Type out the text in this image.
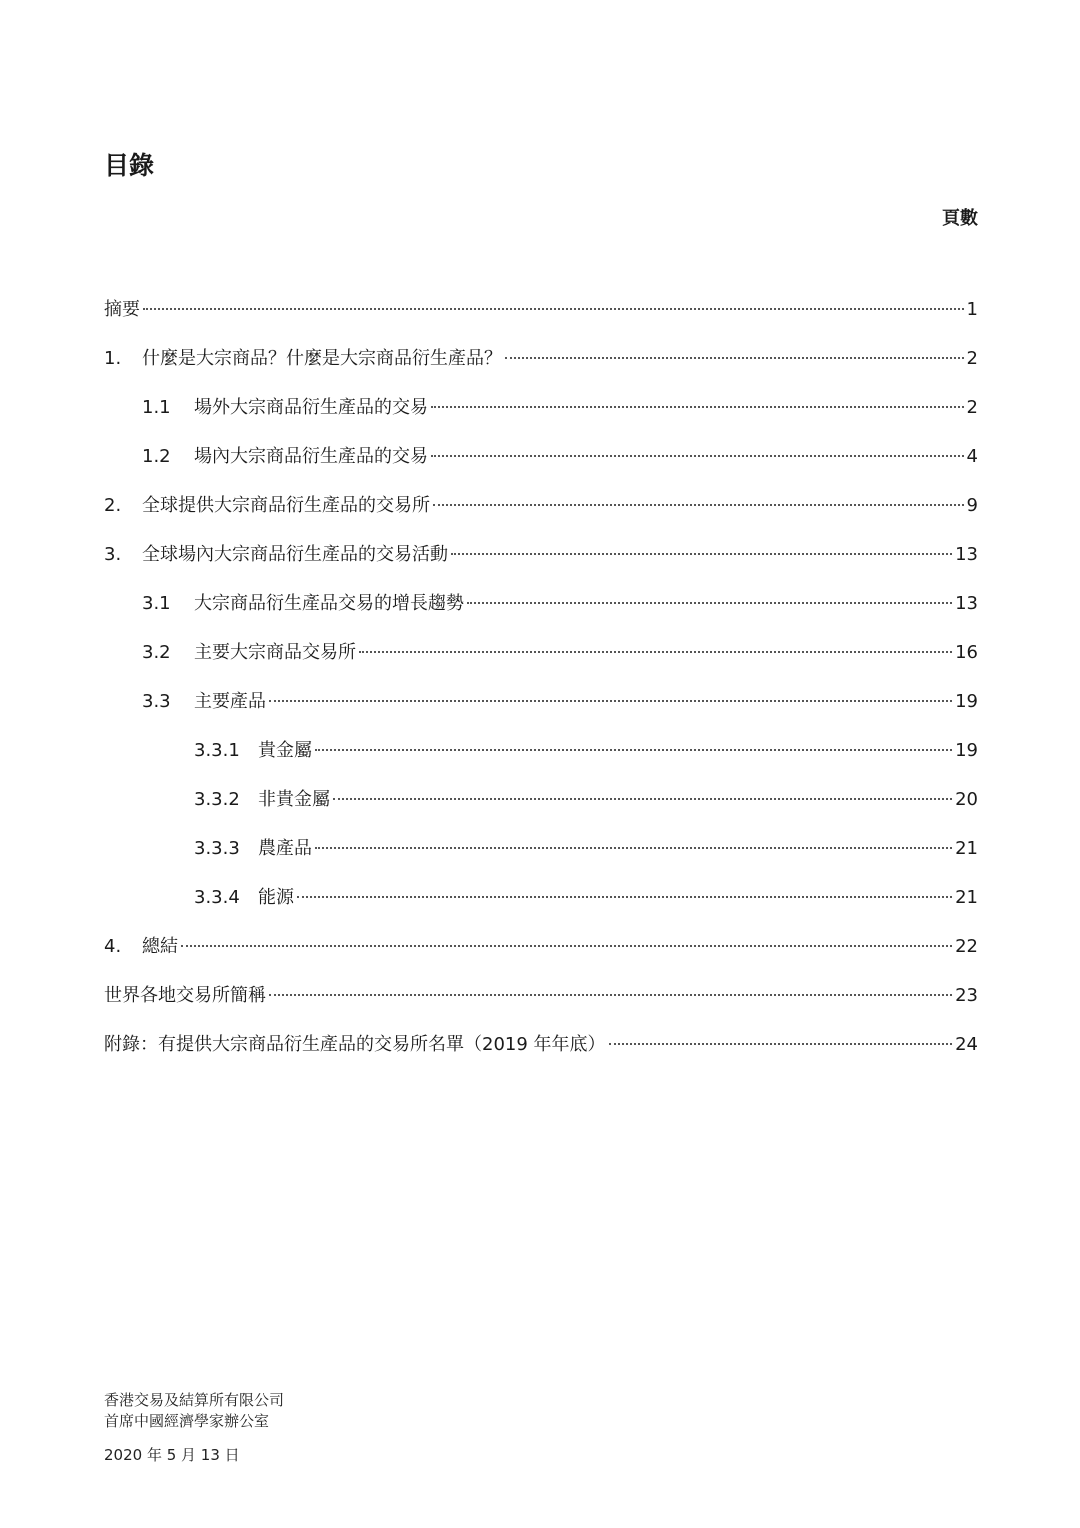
目錄
頁數
摘要	1
1.	什麼是大宗商品？什麼是大宗商品衍生產品？	2
1.1	場外大宗商品衍生產品的交易	2
1.2	場內大宗商品衍生產品的交易	4
2.	全球提供大宗商品衍生產品的交易所	9
3.	全球場內大宗商品衍生產品的交易活動	13
3.1	大宗商品衍生產品交易的增長趨勢	13
3.2	主要大宗商品交易所	16
3.3	主要產品	19
3.3.1	貴金屬	19
3.3.2	非貴金屬	20
3.3.3	農產品	21
3.3.4	能源	21
4.	總結	22
世界各地交易所簡稱	23
附錄：有提供大宗商品衍生產品的交易所名單（2019 年年底）	24
香港交易及結算所有限公司
首席中國經濟學家辦公室
2020 年 5 月 13 日
